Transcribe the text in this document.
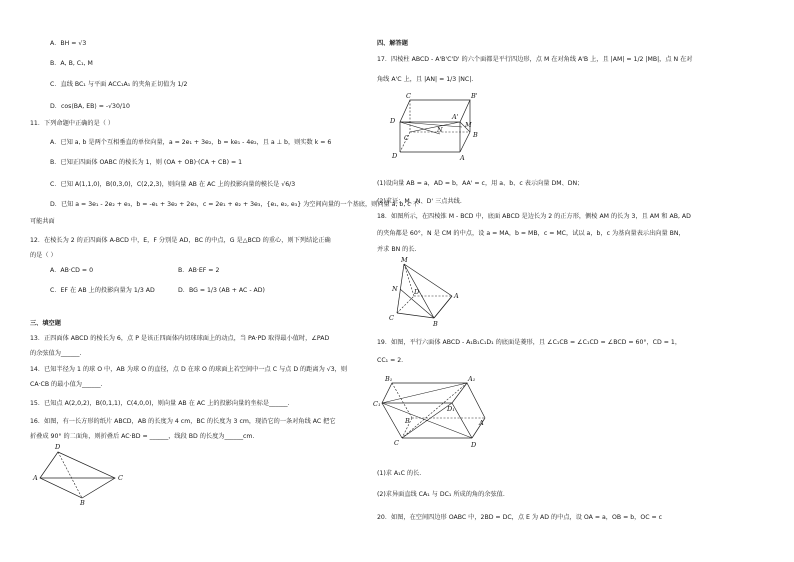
A．BH = √3
B．A, B, C₁, M
C．直线 BC₁ 与平面 ACC₁A₁ 的夹角正切值为 1/2
D．cos⟨BA, EB⟩ = -√30/10
11．下列命题中正确的是（ ）
A．已知 a, b 是两个互相垂直的单位向量，a = 2e₁ + 3e₂，b = ke₁ - 4e₂，且 a ⊥ b，则实数 k = 6
B．已知正四面体 OABC 的棱长为 1，则 (OA + OB)·(CA + CB) = 1
C．已知 A(1,1,0)，B(0,3,0)，C(2,2,3)，则向量 AB 在 AC 上的投影向量的模长是 √6/3
D．已知 a = 3e₁ - 2e₂ + e₃，b = -e₁ + 3e₂ + 2e₃，c = 2e₁ + e₂ + 3e₃，{e₁, e₂, e₃} 为空间向量的一个基底，则向量 a, b, c 不
可能共面
12．在棱长为 2 的正四面体 A-BCD 中，E，F 分别是 AD，BC 的中点，G 是△BCD 的重心，则下列结论正确
的是（ ）
A．AB·CD = 0	B．AB·EF = 2
C．EF 在 AB 上的投影向量为 1/3 AD	D．BG = 1/3 (AB + AC - AD)
三、填空题
13．正四面体 ABCD 的棱长为 6，点 P 是该正四面体内切球球面上的动点，当 PA·PD 取得最小值时，∠PAD
的余弦值为______.
14．已知半径为 1 的球 O 中，AB 为球 O 的直径，点 D 在球 O 的球面上若空间中一点 C 与点 D 的距离为 √3，则
CA·CB 的最小值为______.
15．已知点 A(2,0,2)，B(0,1,1)，C(4,0,0)，则向量 AB 在 AC 上的投影向量的坐标是______.
16．如图，有一长方形的纸片 ABCD，AB 的长度为 4 cm，BC 的长度为 3 cm，现沿它的一条对角线 AC 把它
折叠成 90° 的二面角，则折叠后 AC·BD = ______，线段 BD 的长度为______cm.
D
A	C
B
四、解答题
17．四棱柱 ABCD - A'B'C'D' 的六个面都是平行四边形，点 M 在对角线 A'B 上，且 |AM| = 1/2 |MB|，点 N 在对
角线 A'C 上，且 |AN| = 1/3 |NC|.
C	B'
D	A'
M
N
C	B
D	A
(1)设向量 AB = a，AD = b，AA' = c，用 a、b、c 表示向量 DM、DN；
(2)求证：M、N、D' 三点共线.
18．如图所示，在四棱锥 M - BCD 中，底面 ABCD 是边长为 2 的正方形，侧棱 AM 的长为 3，且 AM 和 AB, AD
的夹角都是 60°，N 是 CM 的中点，设 a = MA，b = MB，c = MC，试以 a，b，c 为基向量表示出向量 BN，
并求 BN 的长.
M
N	D	A
C
B
19．如图，平行六面体 ABCD - A₁B₁C₁D₁ 的底面是菱形，且 ∠C₁CB = ∠C₁CD = ∠BCD = 60°，CD = 1，
CC₁ = 2.
B₁	A₁
C₁
D₁
B	A
C	D
(1)求 A₁C 的长.
(2)求异面直线 CA₁ 与 DC₁ 所成的角的余弦值.
20．如图，在空间四边形 OABC 中，2BD = DC，点 E 为 AD 的中点，设 OA = a，OB = b，OC = c
